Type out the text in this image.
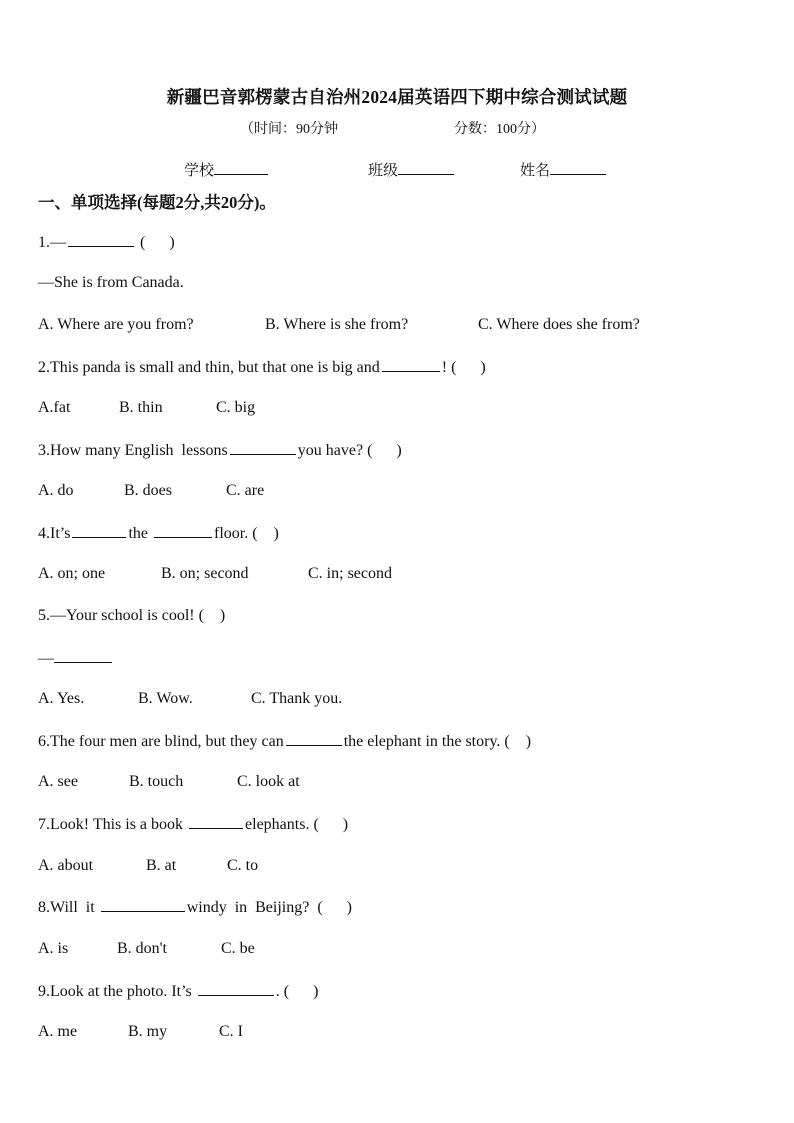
新疆巴音郭楞蒙古自治州2024届英语四下期中综合测试试题
（时间：90分钟	分数：100分）
学校	班级	姓名
一、单项选择(每题2分,共20分)。
1.—	(      )
—She is from Canada.
A. Where are you from?	B. Where is she from?	C. Where does she from?
2.This panda is small and thin, but that one is big and	! (      )
A.fat	B. thin	C. big
3.How many English  lessons	you have? (      )
A. do	B. does	C. are
4.It’s	the	floor. (    )
A. on; one	B. on; second	C. in; second
5.—Your school is cool! (    )
—
A. Yes.	B. Wow.	C. Thank you.
6.The four men are blind, but they can	the elephant in the story. (    )
A. see	B. touch	C. look at
7.Look! This is a book	elephants. (      )
A. about	B. at	C. to
8.Will  it	windy  in  Beijing?  (      )
A. is	B. don't	C. be
9.Look at the photo. It’s	. (      )
A. me	B. my	C. I
